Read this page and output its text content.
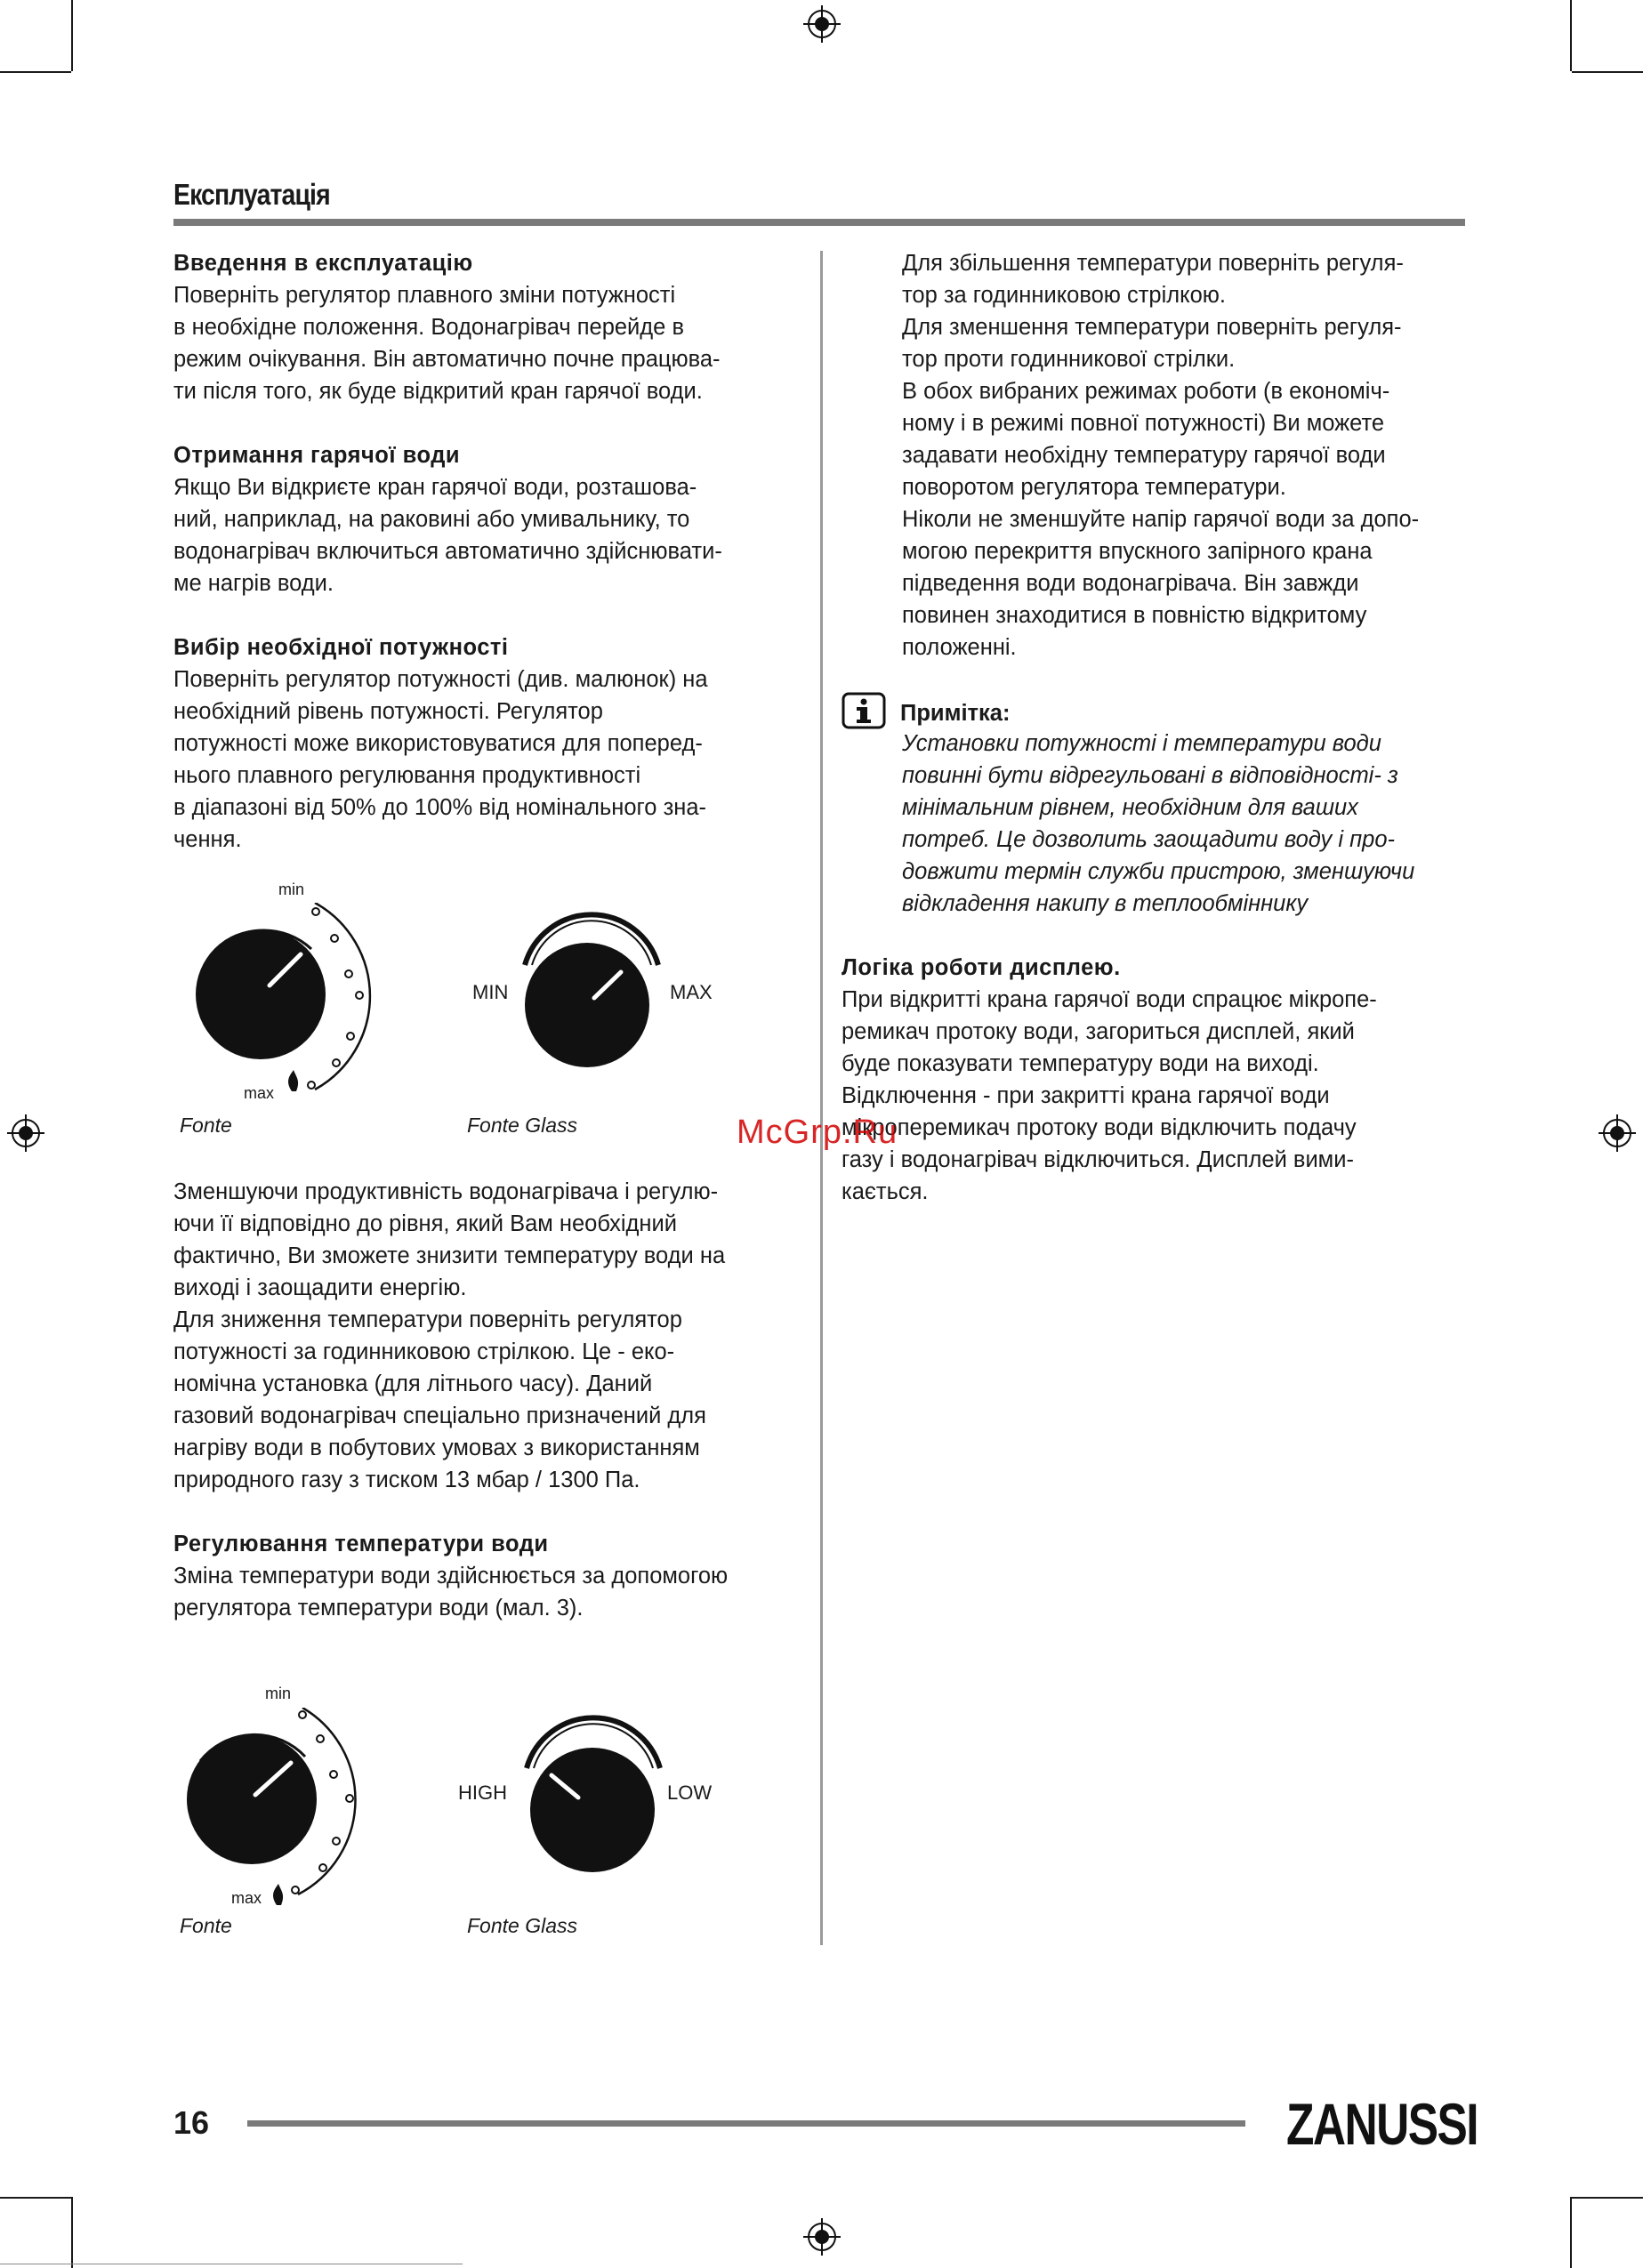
Експлуатація
Введення в експлуатацію

Поверніть регулятор плавного зміни потужності

в необхідне положення. Водонагрівач перейде в

режим очікування. Він автоматично почне працюва-

ти після того, як буде відкритий кран гарячої води.

Отримання гарячої води

Якщо Ви відкриєте кран гарячої води, розташова-

ний, наприклад, на раковині або умивальнику, то

водонагрівач включиться автоматично здійснювати-

ме нагрів води.

Вибір необхідної потужності

Поверніть регулятор потужності (див. малюнок) на

необхідний рівень потужності. Регулятор

потужності може використовуватися для поперед-

нього плавного регулювання продуктивності

в діапазоні від 50% до 100% від номінального зна-

чення.

min
max
Fonte
MIN	MAX
Fonte Glass

Зменшуючи продуктивність водонагрівача і регулю-

ючи її відповідно до рівня, який Вам необхідний

фактично, Ви зможете знизити температуру води на

виході і заощадити енергію.

Для зниження температури поверніть регулятор

потужності за годинниковою стрілкою. Це - еко-

номічна установка (для літнього часу). Даний

газовий водонагрівач спеціально призначений для

нагріву води в побутових умовах з використанням

природного газу з тиском 13 мбар / 1300 Па.

Регулювання температури води

Зміна температури води здійснюється за допомогою

регулятора температури води (мал. 3).

min
max
Fonte
HIGH	LOW
Fonte Glass

Для збільшення температури поверніть регуля-

тор за годинниковою стрілкою.

Для зменшення температури поверніть регуля-

тор проти годинникової стрілки.

В обох вибраних режимах роботи (в економіч-

ному і в режимі повної потужності) Ви можете

задавати необхідну температуру гарячої води

поворотом регулятора температури.

Ніколи не зменшуйте напір гарячої води за допо-

могою перекриття впускного запірного крана

підведення води водонагрівача. Він завжди

повинен знаходитися в повністю відкритому

положенні.

Примітка:

Установки потужності і температури води

повинні бути відрегульовані в відповідності- з

мінімальним рівнем, необхідним для ваших

потреб. Це дозволить заощадити воду і про-

довжити термін служби пристрою, зменшуючи

відкладення накипу в теплообміннику

Логіка роботи дисплею.

При відкритті крана гарячої води спрацює мікропе-

ремикач протоку води, загориться дисплей, який

буде показувати температуру води на виході.

Відключення - при закритті крана гарячої води

мікроперемикач протоку води відключить подачу

газу і водонагрівач відключиться. Дисплей вими-

кається.

McGrp.Ru
16	ZANUSSI
